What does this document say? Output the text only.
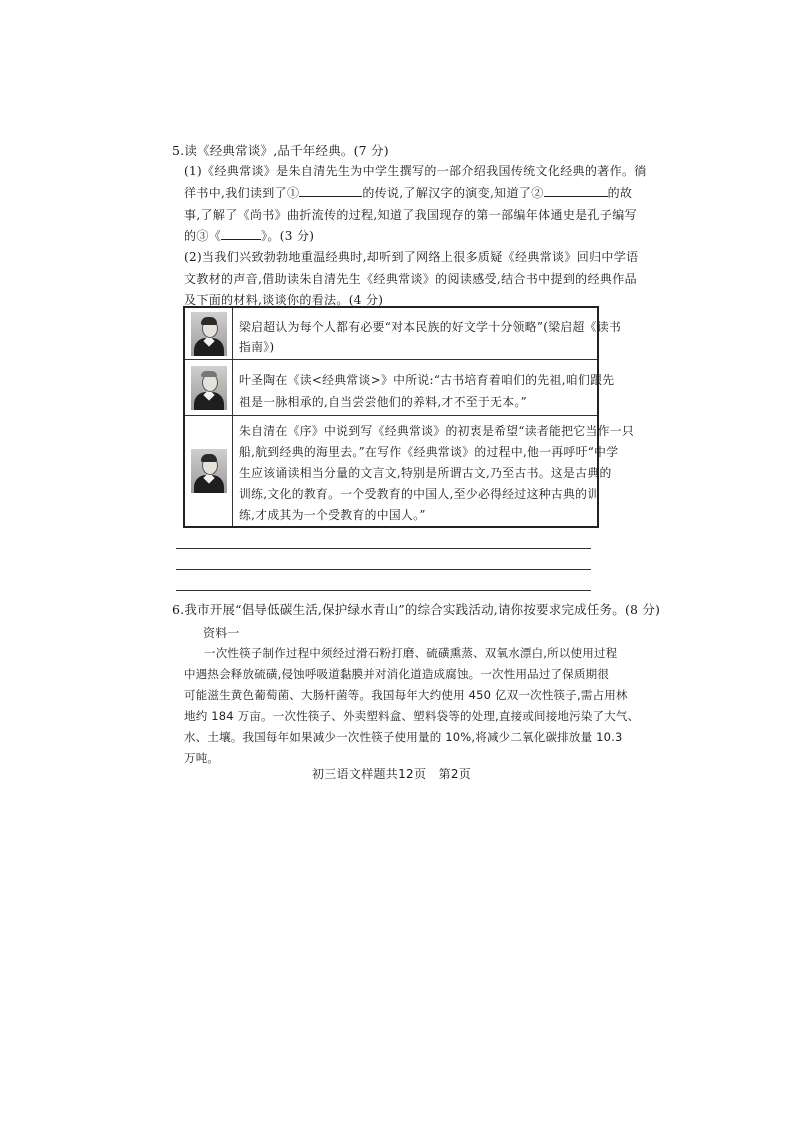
5.读《经典常谈》,品千年经典。(7 分)
(1)《经典常谈》是朱自清先生为中学生撰写的一部介绍我国传统文化经典的著作。徜
徉书中,我们读到了①	的传说,了解汉字的演变,知道了②	的故
事,了解了《尚书》曲折流传的过程,知道了我国现存的第一部编年体通史是孔子编写
的③《	》。(3 分)
(2)当我们兴致勃勃地重温经典时,却听到了网络上很多质疑《经典常谈》回归中学语
文教材的声音,借助读朱自清先生《经典常谈》的阅读感受,结合书中提到的经典作品
及下面的材料,谈谈你的看法。(4 分)
梁启超认为每个人都有必要“对本民族的好文学十分领略”(梁启超《读书
指南》)
叶圣陶在《读<经典常谈>》中所说:“古书培育着咱们的先祖,咱们跟先
祖是一脉相承的,自当尝尝他们的养料,才不至于无本。”
朱自清在《序》中说到写《经典常谈》的初衷是希望“读者能把它当作一只
船,航到经典的海里去。”在写作《经典常谈》的过程中,他一再呼吁“中学
生应该诵读相当分量的文言文,特别是所谓古文,乃至古书。这是古典的
训练,文化的教育。一个受教育的中国人,至少必得经过这种古典的训
练,才成其为一个受教育的中国人。”
6.我市开展“倡导低碳生活,保护绿水青山”的综合实践活动,请你按要求完成任务。(8 分)
资料一
一次性筷子制作过程中须经过滑石粉打磨、硫磺熏蒸、双氧水漂白,所以使用过程
中遇热会释放硫磺,侵蚀呼吸道黏膜并对消化道造成腐蚀。一次性用品过了保质期很
可能滋生黄色葡萄菌、大肠杆菌等。我国每年大约使用 450 亿双一次性筷子,需占用林
地约 184 万亩。一次性筷子、外卖塑料盒、塑料袋等的处理,直接或间接地污染了大气、
水、土壤。我国每年如果减少一次性筷子使用量的 10%,将减少二氧化碳排放量 10.3
万吨。
初三语文样题共12页　第2页
